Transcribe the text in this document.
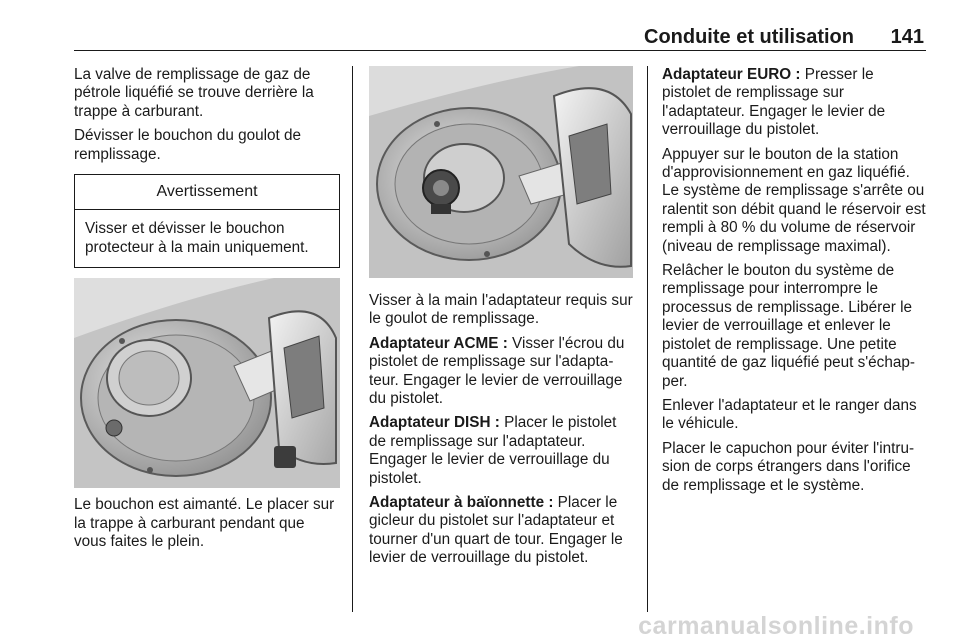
Conduite et utilisation 141

La valve de remplissage de gaz de pétrole liquéfié se trouve derrière la trappe à carburant.

Dévisser le bouchon du goulot de remplissage.

Avertissement
Visser et dévisser le bouchon protecteur à la main uniquement.

Le bouchon est aimanté. Le placer sur la trappe à carburant pendant que vous faites le plein.

Visser à la main l'adaptateur requis sur le goulot de remplissage.

Adaptateur ACME : Visser l'écrou du pistolet de remplissage sur l'adaptateur. Engager le levier de verrouillage du pistolet.

Adaptateur DISH : Placer le pistolet de remplissage sur l'adaptateur. Engager le levier de verrouillage du pistolet.

Adaptateur à baïonnette : Placer le gicleur du pistolet sur l'adaptateur et tourner d'un quart de tour. Engager le levier de verrouillage du pistolet.

Adaptateur EURO : Presser le pistolet de remplissage sur l'adaptateur. Engager le levier de verrouillage du pistolet.

Appuyer sur le bouton de la station d'approvisionnement en gaz liquéfié. Le système de remplissage s'arrête ou ralentit son débit quand le réservoir est rempli à 80 % du volume de réservoir (niveau de remplissage maximal).

Relâcher le bouton du système de remplissage pour interrompre le processus de remplissage. Libérer le levier de verrouillage et enlever le pistolet de remplissage. Une petite quantité de gaz liquéfié peut s'échapper.

Enlever l'adaptateur et le ranger dans le véhicule.

Placer le capuchon pour éviter l'intrusion de corps étrangers dans l'orifice de remplissage et le système.

carmanualsonline.info
